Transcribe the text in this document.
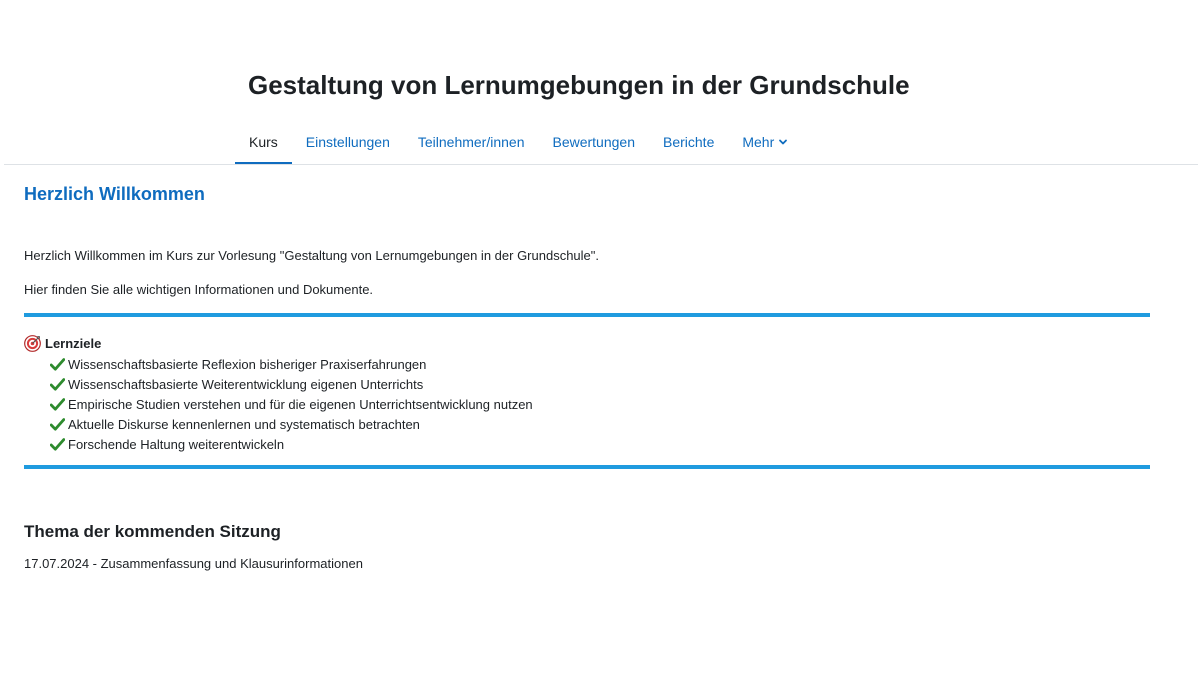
Gestaltung von Lernumgebungen in der Grundschule
Kurs Einstellungen Teilnehmer/innen Bewertungen Berichte Mehr
Herzlich Willkommen

Herzlich Willkommen im Kurs zur Vorlesung "Gestaltung von Lernumgebungen in der Grundschule".

Hier finden Sie alle wichtigen Informationen und Dokumente.

Lernziele
Wissenschaftsbasierte Reflexion bisheriger Praxiserfahrungen
Wissenschaftsbasierte Weiterentwicklung eigenen Unterrichts
Empirische Studien verstehen und für die eigenen Unterrichtsentwicklung nutzen
Aktuelle Diskurse kennenlernen und systematisch betrachten
Forschende Haltung weiterentwickeln
Thema der kommenden Sitzung

17.07.2024 - Zusammenfassung und Klausurinformationen
